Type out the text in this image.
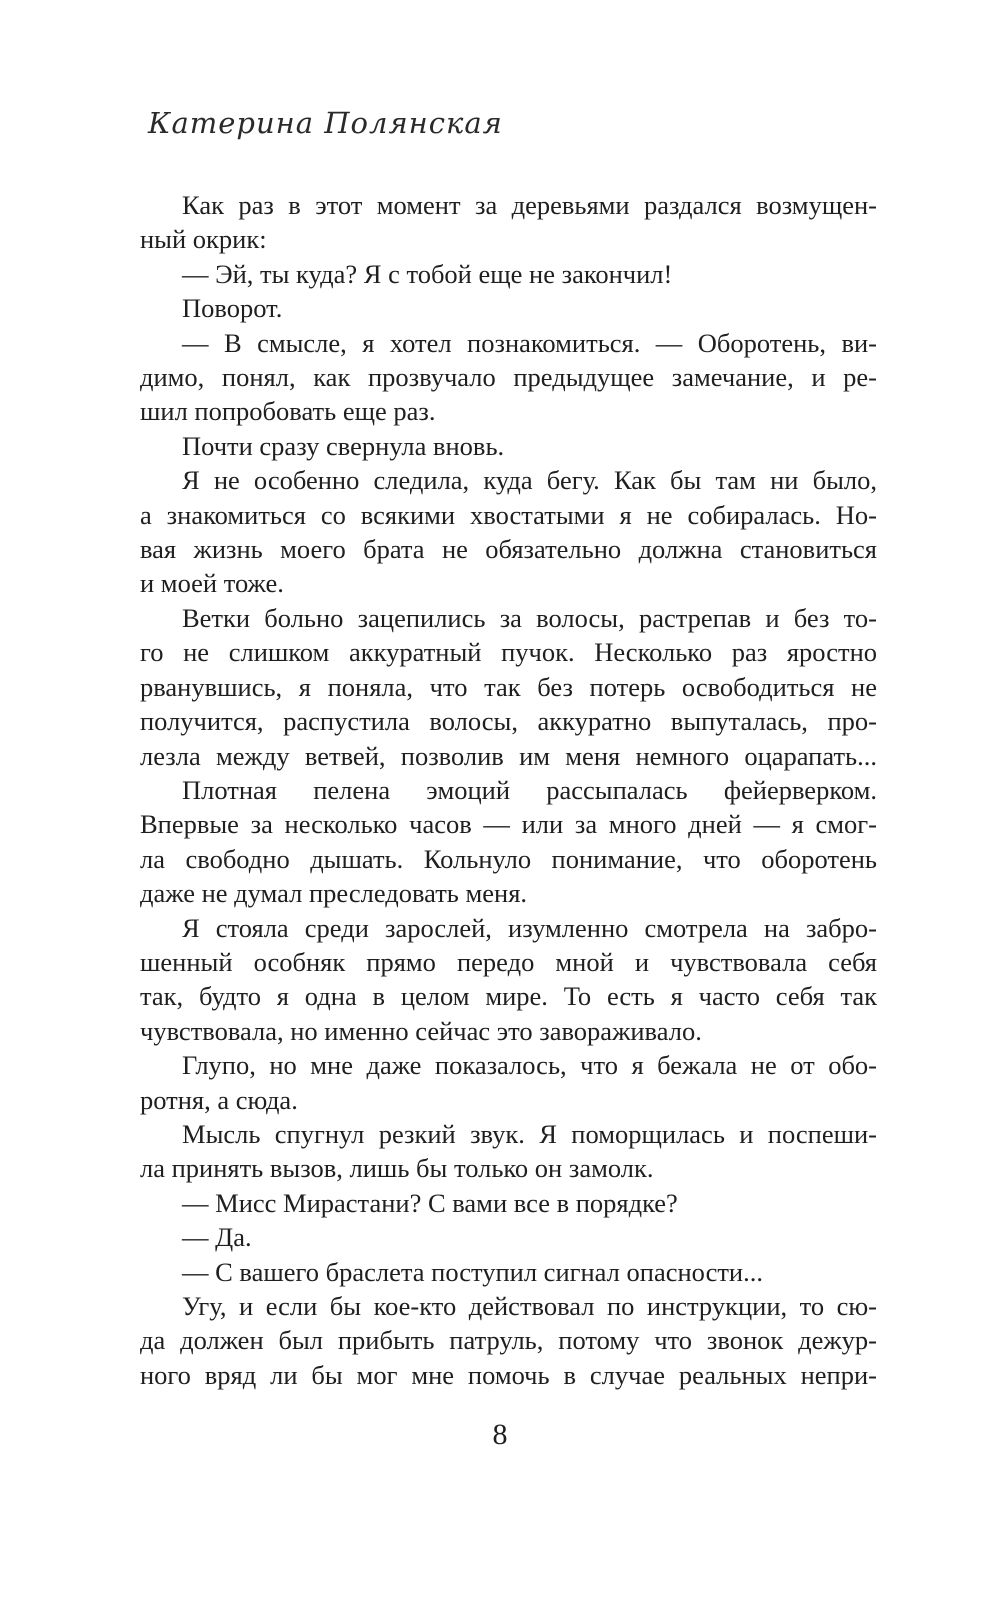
Катерина Полянская
Как раз в этот момент за деревьями раздался возмущен-
ный окрик:
— Эй, ты куда? Я с тобой еще не закончил!
Поворот.
— В смысле, я хотел познакомиться. — Оборотень, ви-
димо, понял, как прозвучало предыдущее замечание, и ре-
шил попробовать еще раз.
Почти сразу свернула вновь.
Я не особенно следила, куда бегу. Как бы там ни было,
а знакомиться со всякими хвостатыми я не собиралась. Но-
вая жизнь моего брата не обязательно должна становиться
и моей тоже.
Ветки больно зацепились за волосы, растрепав и без то-
го не слишком аккуратный пучок. Несколько раз яростно
рванувшись, я поняла, что так без потерь освободиться не
получится, распустила волосы, аккуратно выпуталась, про-
лезла между ветвей, позволив им меня немного оцарапать...
Плотная пелена эмоций рассыпалась фейерверком.
Впервые за несколько часов — или за много дней — я смог-
ла свободно дышать. Кольнуло понимание, что оборотень
даже не думал преследовать меня.
Я стояла среди зарослей, изумленно смотрела на забро-
шенный особняк прямо передо мной и чувствовала себя
так, будто я одна в целом мире. То есть я часто себя так
чувствовала, но именно сейчас это завораживало.
Глупо, но мне даже показалось, что я бежала не от обо-
ротня, а сюда.
Мысль спугнул резкий звук. Я поморщилась и поспеши-
ла принять вызов, лишь бы только он замолк.
— Мисс Мирастани? С вами все в порядке?
— Да.
— С вашего браслета поступил сигнал опасности...
Угу, и если бы кое-кто действовал по инструкции, то сю-
да должен был прибыть патруль, потому что звонок дежур-
ного вряд ли бы мог мне помочь в случае реальных непри-
8
